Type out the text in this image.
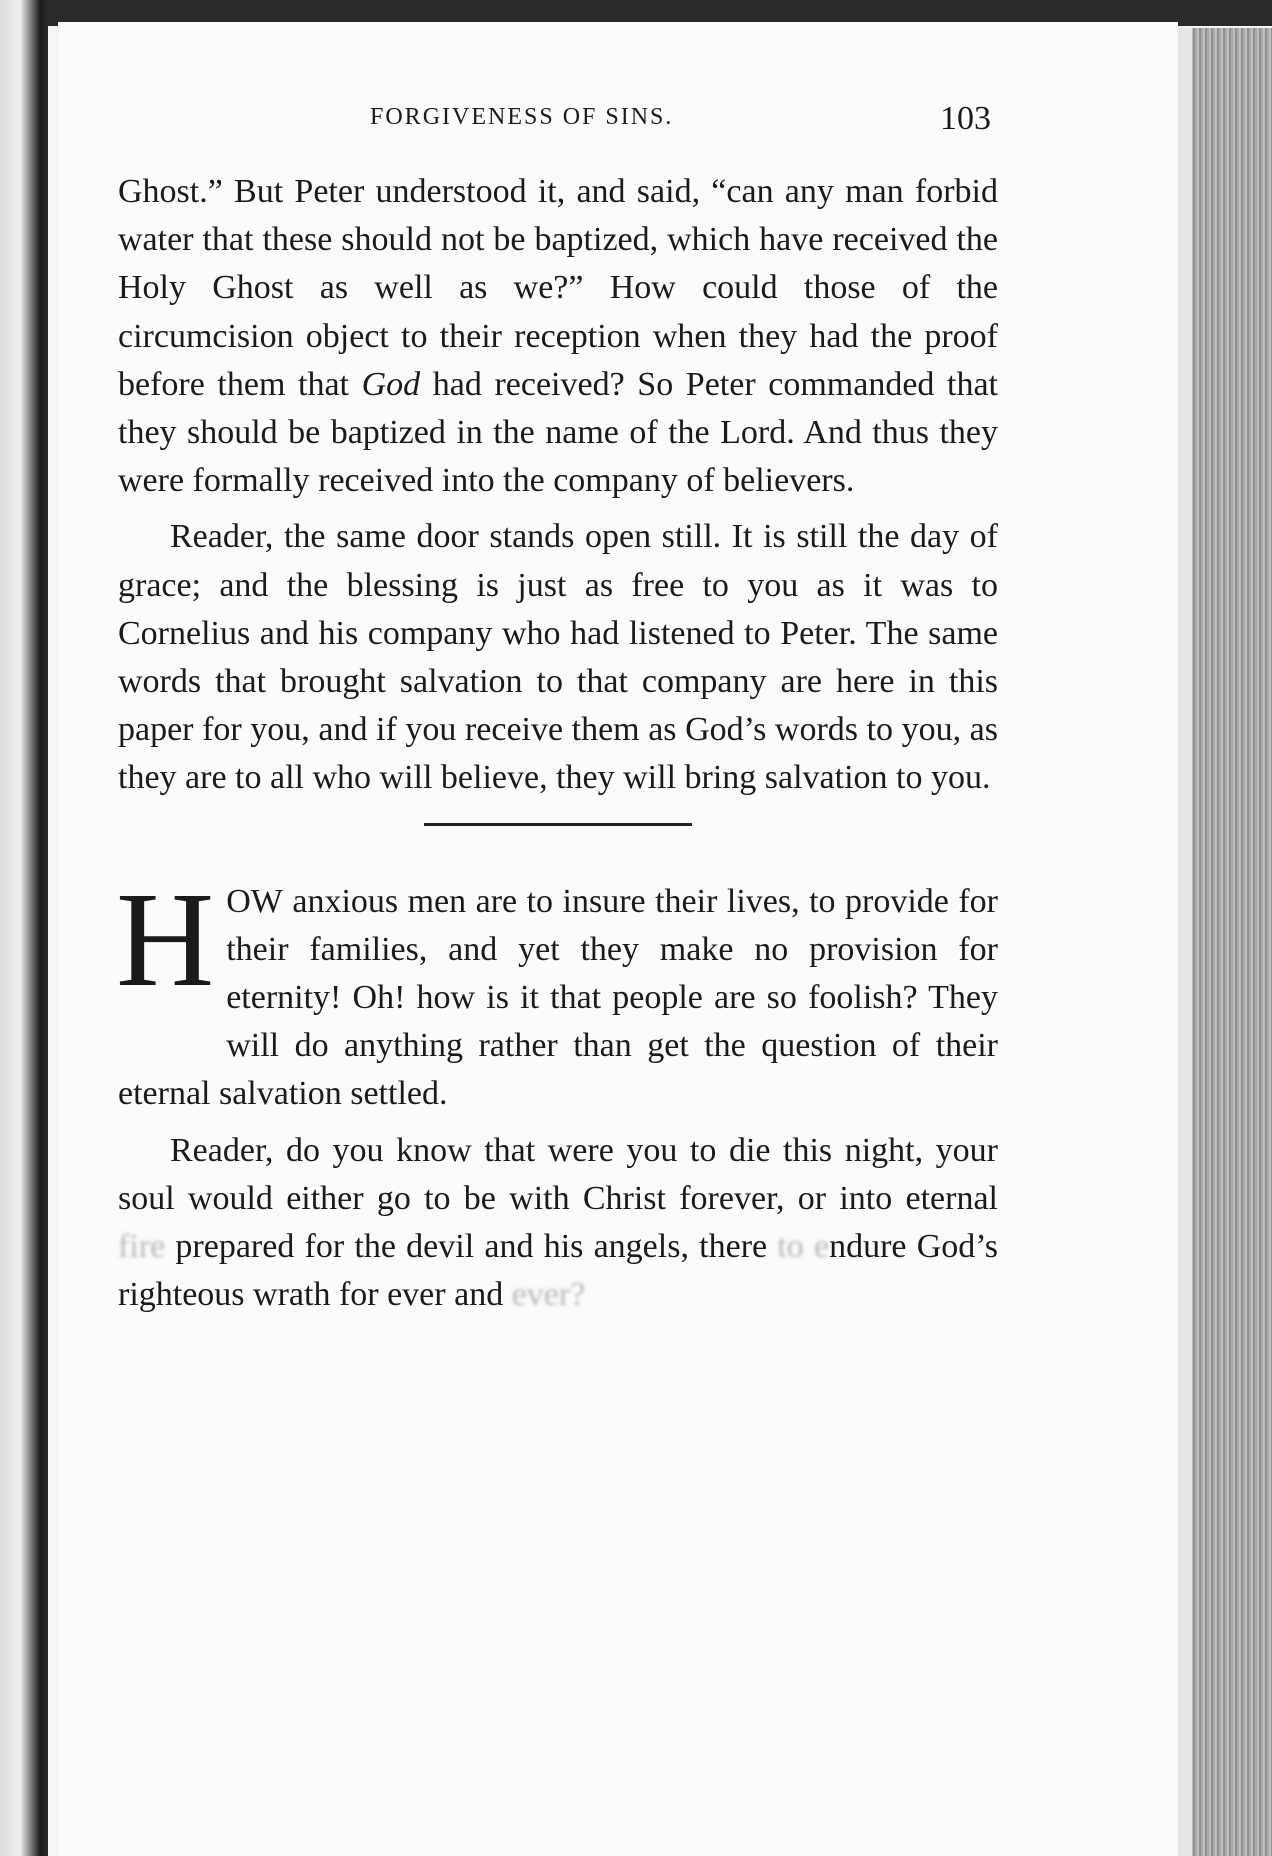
FORGIVENESS OF SINS.	103

Ghost.” But Peter understood it, and said, “can any man forbid water that these should not be baptized, which have received the Holy Ghost as well as we?” How could those of the circumcision object to their reception when they had the proof before them that God had received? So Peter commanded that they should be baptized in the name of the Lord. And thus they were formally received into the company of believers.

Reader, the same door stands open still. It is still the day of grace; and the blessing is just as free to you as it was to Cornelius and his company who had listened to Peter. The same words that brought salvation to that company are here in this paper for you, and if you receive them as God’s words to you, as they are to all who will believe, they will bring salvation to you.

HOW anxious men are to insure their lives, to provide for their families, and yet they make no provision for eternity! Oh! how is it that people are so foolish? They will do anything rather than get the question of their eternal salvation settled.

Reader, do you know that were you to die this night, your soul would either go to be with Christ forever, or into eternal fire prepared for the devil and his angels, there to endure God’s righteous wrath for ever and ever?
